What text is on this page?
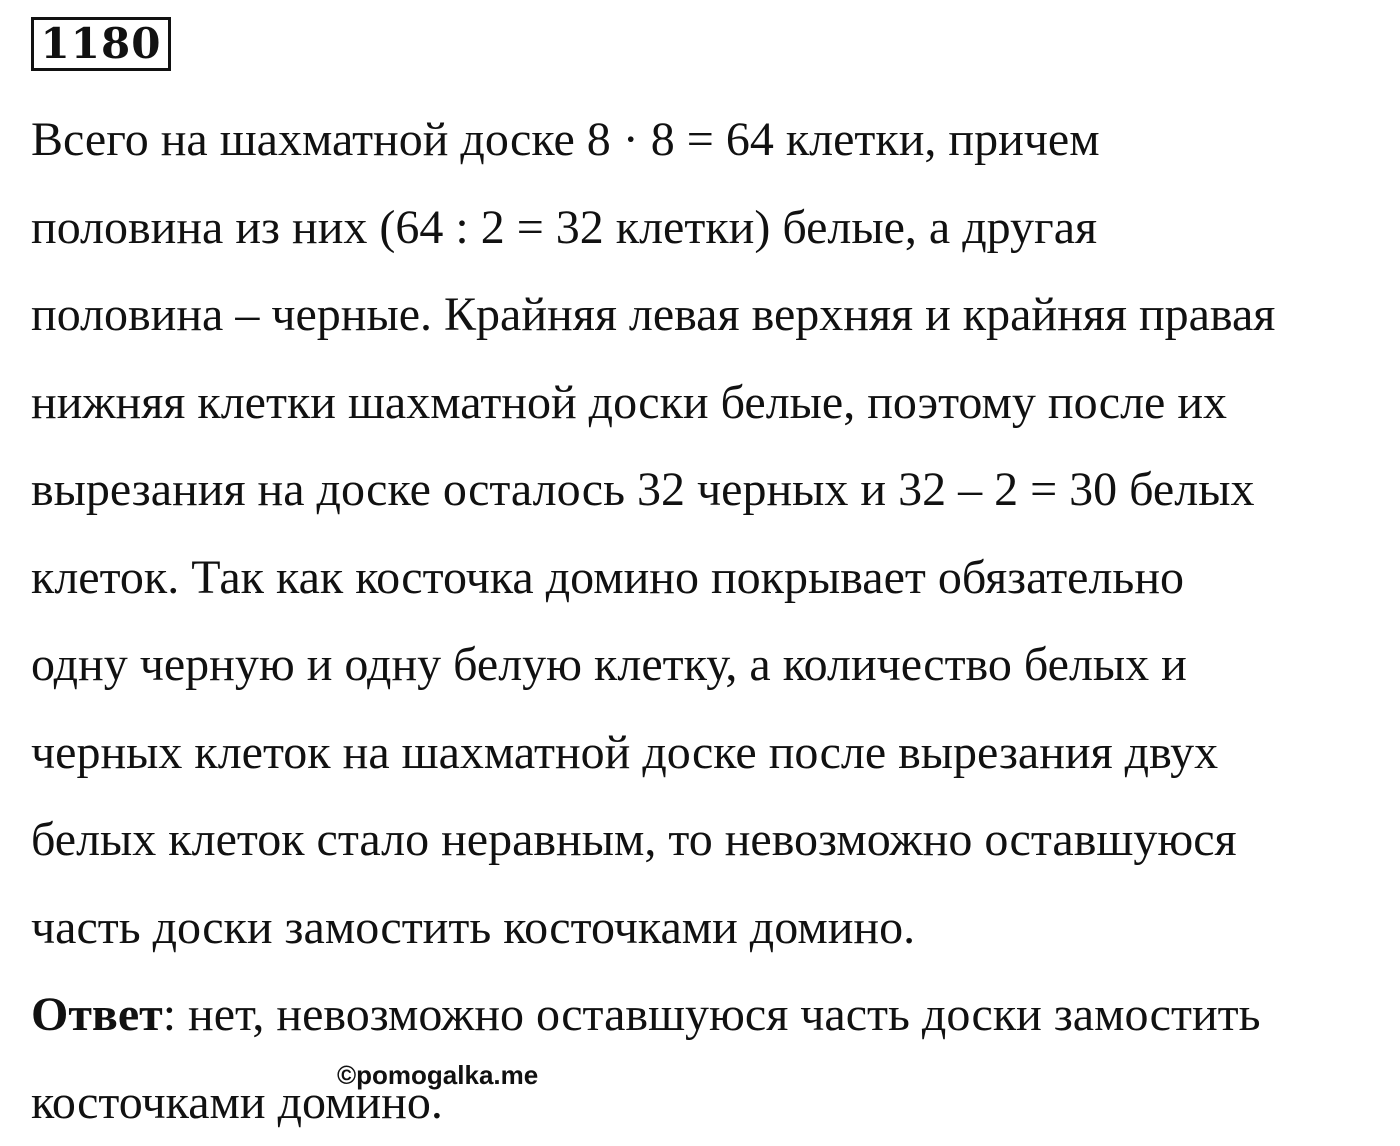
1180
Всего на шахматной доске 8 · 8 = 64 клетки, причем
половина из них (64 : 2 = 32 клетки) белые, а другая
половина – черные. Крайняя левая верхняя и крайняя правая
нижняя клетки шахматной доски белые, поэтому после их
вырезания на доске осталось 32 черных и 32 – 2 = 30 белых
клеток. Так как косточка домино покрывает обязательно
одну черную и одну белую клетку, а количество белых и
черных клеток на шахматной доске после вырезания двух
белых клеток стало неравным, то невозможно оставшуюся
часть доски замостить косточками домино.
Ответ: нет, невозможно оставшуюся часть доски замостить
косточками домино.
©pomogalka.me
